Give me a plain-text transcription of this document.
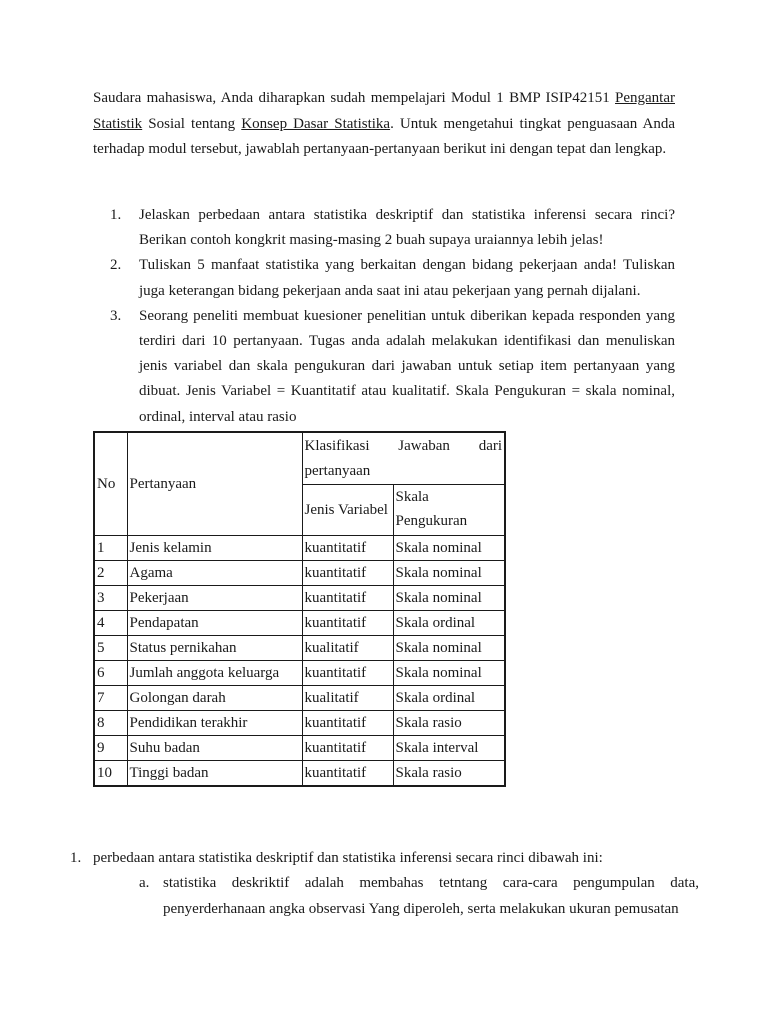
Saudara mahasiswa, Anda diharapkan sudah mempelajari Modul 1 BMP ISIP42151 Pengantar Statistik Sosial tentang Konsep Dasar Statistika. Untuk mengetahui tingkat penguasaan Anda terhadap modul tersebut, jawablah pertanyaan-pertanyaan berikut ini dengan tepat dan lengkap.

1. Jelaskan perbedaan antara statistika deskriptif dan statistika inferensi secara rinci? Berikan contoh kongkrit masing-masing 2 buah supaya uraiannya lebih jelas!
2. Tuliskan 5 manfaat statistika yang berkaitan dengan bidang pekerjaan anda! Tuliskan juga keterangan bidang pekerjaan anda saat ini atau pekerjaan yang pernah dijalani.
3. Seorang peneliti membuat kuesioner penelitian untuk diberikan kepada responden yang terdiri dari 10 pertanyaan. Tugas anda adalah melakukan identifikasi dan menuliskan jenis variabel dan skala pengukuran dari jawaban untuk setiap item pertanyaan yang dibuat. Jenis Variabel = Kuantitatif atau kualitatif. Skala Pengukuran = skala nominal, ordinal, interval atau rasio
No	Pertanyaan	Klasifikasi Jawaban dari
pertanyaan	
		Jenis Variabel	Skala Pengukuran
1	Jenis kelamin	kuantitatif	Skala nominal
2	Agama	kuantitatif	Skala nominal
3	Pekerjaan	kuantitatif	Skala nominal
4	Pendapatan	kuantitatif	Skala ordinal
5	Status pernikahan	kualitatif	Skala nominal
6	Jumlah anggota keluarga	kuantitatif	Skala nominal
7	Golongan darah	kualitatif	Skala ordinal
8	Pendidikan terakhir	kuantitatif	Skala rasio
9	Suhu badan	kuantitatif	Skala interval
10	Tinggi badan	kuantitatif	Skala rasio
1. perbedaan antara statistika deskriptif dan statistika inferensi secara rinci dibawah ini:
a. statistika deskriktif adalah membahas tetntang cara-cara pengumpulan data, penyerderhanaan angka observasi Yang diperoleh, serta melakukan ukuran pemusatan
